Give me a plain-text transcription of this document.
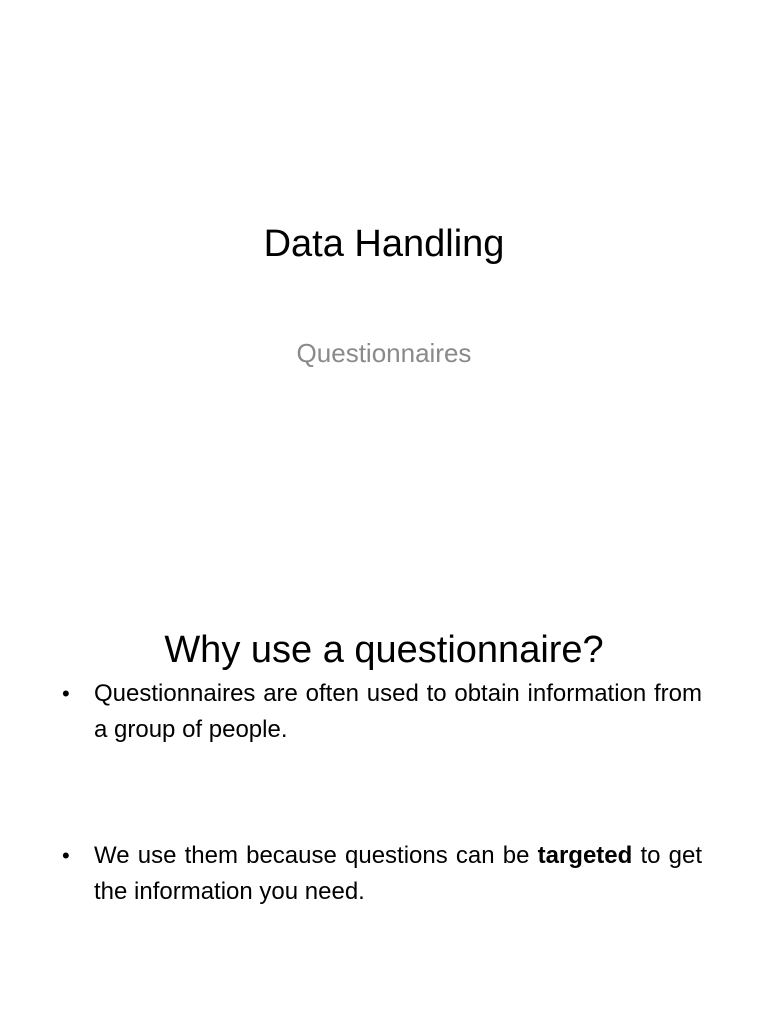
Data Handling
Questionnaires
Why use a questionnaire?
•	Questionnaires are often used to obtain information from a group of people.
•	We use them because questions can be targeted to get the information you need.
